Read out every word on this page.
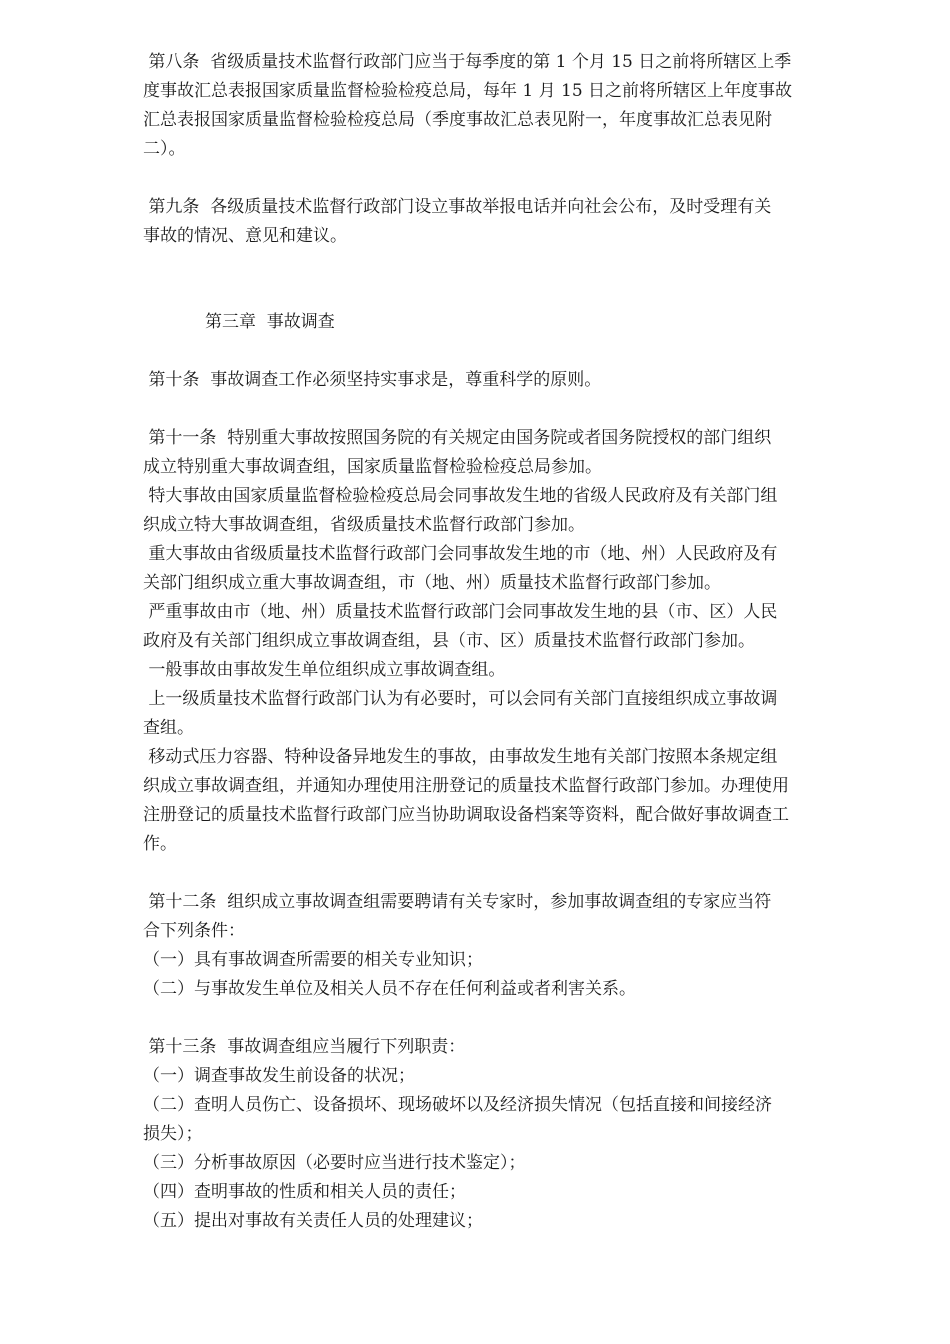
第八条  省级质量技术监督行政部门应当于每季度的第 1 个月 15 日之前将所辖区上季
度事故汇总表报国家质量监督检验检疫总局，每年 1 月 15 日之前将所辖区上年度事故
汇总表报国家质量监督检验检疫总局（季度事故汇总表见附一，年度事故汇总表见附
二）。
第九条  各级质量技术监督行政部门设立事故举报电话并向社会公布，及时受理有关
事故的情况、意见和建议。
第三章  事故调查
第十条  事故调查工作必须坚持实事求是，尊重科学的原则。
第十一条  特别重大事故按照国务院的有关规定由国务院或者国务院授权的部门组织
成立特别重大事故调查组，国家质量监督检验检疫总局参加。
特大事故由国家质量监督检验检疫总局会同事故发生地的省级人民政府及有关部门组
织成立特大事故调查组，省级质量技术监督行政部门参加。
重大事故由省级质量技术监督行政部门会同事故发生地的市（地、州）人民政府及有
关部门组织成立重大事故调查组，市（地、州）质量技术监督行政部门参加。
严重事故由市（地、州）质量技术监督行政部门会同事故发生地的县（市、区）人民
政府及有关部门组织成立事故调查组，县（市、区）质量技术监督行政部门参加。
一般事故由事故发生单位组织成立事故调查组。
上一级质量技术监督行政部门认为有必要时，可以会同有关部门直接组织成立事故调
查组。
移动式压力容器、特种设备异地发生的事故，由事故发生地有关部门按照本条规定组
织成立事故调查组，并通知办理使用注册登记的质量技术监督行政部门参加。办理使用
注册登记的质量技术监督行政部门应当协助调取设备档案等资料，配合做好事故调查工
作。
第十二条  组织成立事故调查组需要聘请有关专家时，参加事故调查组的专家应当符
合下列条件：
（一）具有事故调查所需要的相关专业知识；
（二）与事故发生单位及相关人员不存在任何利益或者利害关系。
第十三条  事故调查组应当履行下列职责：
（一）调查事故发生前设备的状况；
（二）查明人员伤亡、设备损坏、现场破坏以及经济损失情况（包括直接和间接经济
损失）；
（三）分析事故原因（必要时应当进行技术鉴定）；
（四）查明事故的性质和相关人员的责任；
（五）提出对事故有关责任人员的处理建议；
